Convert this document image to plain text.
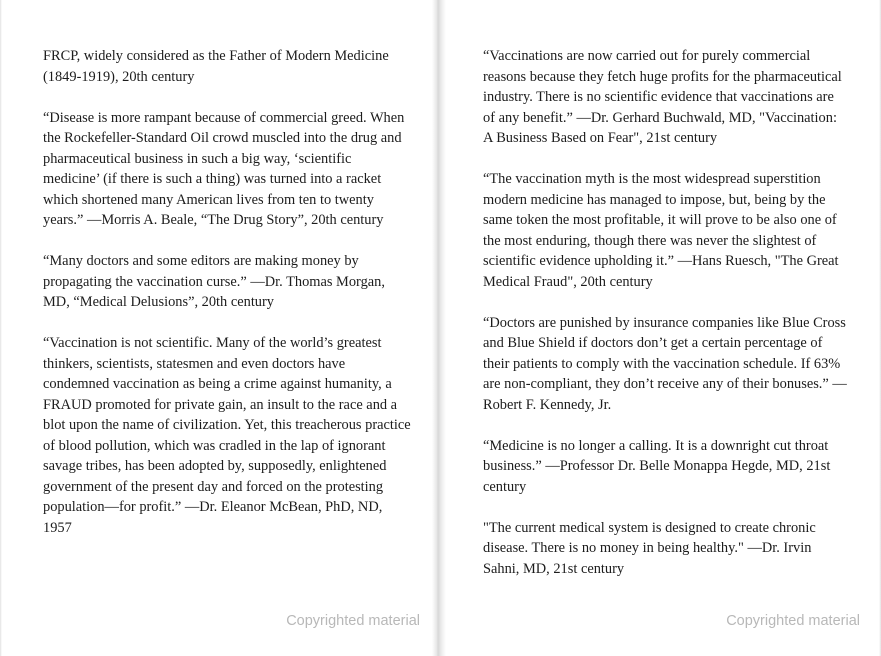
FRCP, widely considered as the Father of Modern Medicine (1849-1919), 20th century

“Disease is more rampant because of commercial greed. When the Rockefeller-Standard Oil crowd muscled into the drug and pharmaceutical business in such a big way, ‘scientific medicine’ (if there is such a thing) was turned into a racket which shortened many American lives from ten to twenty years.” —Morris A. Beale, “The Drug Story”, 20th century

“Many doctors and some editors are making money by propagating the vaccination curse.” —Dr. Thomas Morgan, MD, “Medical Delusions”, 20th century

“Vaccination is not scientific. Many of the world’s greatest thinkers, scientists, statesmen and even doctors have condemned vaccination as being a crime against humanity, a FRAUD promoted for private gain, an insult to the race and a blot upon the name of civilization. Yet, this treacherous practice of blood pollution, which was cradled in the lap of ignorant savage tribes, has been adopted by, supposedly, enlightened government of the present day and forced on the protesting population—for profit.” —Dr. Eleanor McBean, PhD, ND, 1957

Copyrighted material

“Vaccinations are now carried out for purely commercial reasons because they fetch huge profits for the pharmaceutical industry. There is no scientific evidence that vaccinations are of any benefit.” —Dr. Gerhard Buchwald, MD, "Vaccination: A Business Based on Fear", 21st century

“The vaccination myth is the most widespread superstition modern medicine has managed to impose, but, being by the same token the most profitable, it will prove to be also one of the most enduring, though there was never the slightest of scientific evidence upholding it.” —Hans Ruesch, "The Great Medical Fraud", 20th century

“Doctors are punished by insurance companies like Blue Cross and Blue Shield if doctors don’t get a certain percentage of their patients to comply with the vaccination schedule. If 63% are non-compliant, they don’t receive any of their bonuses.” —Robert F. Kennedy, Jr.

“Medicine is no longer a calling. It is a downright cut throat business.” —Professor Dr. Belle Monappa Hegde, MD, 21st century

"The current medical system is designed to create chronic disease. There is no money in being healthy." —Dr. Irvin Sahni, MD, 21st century

Copyrighted material
